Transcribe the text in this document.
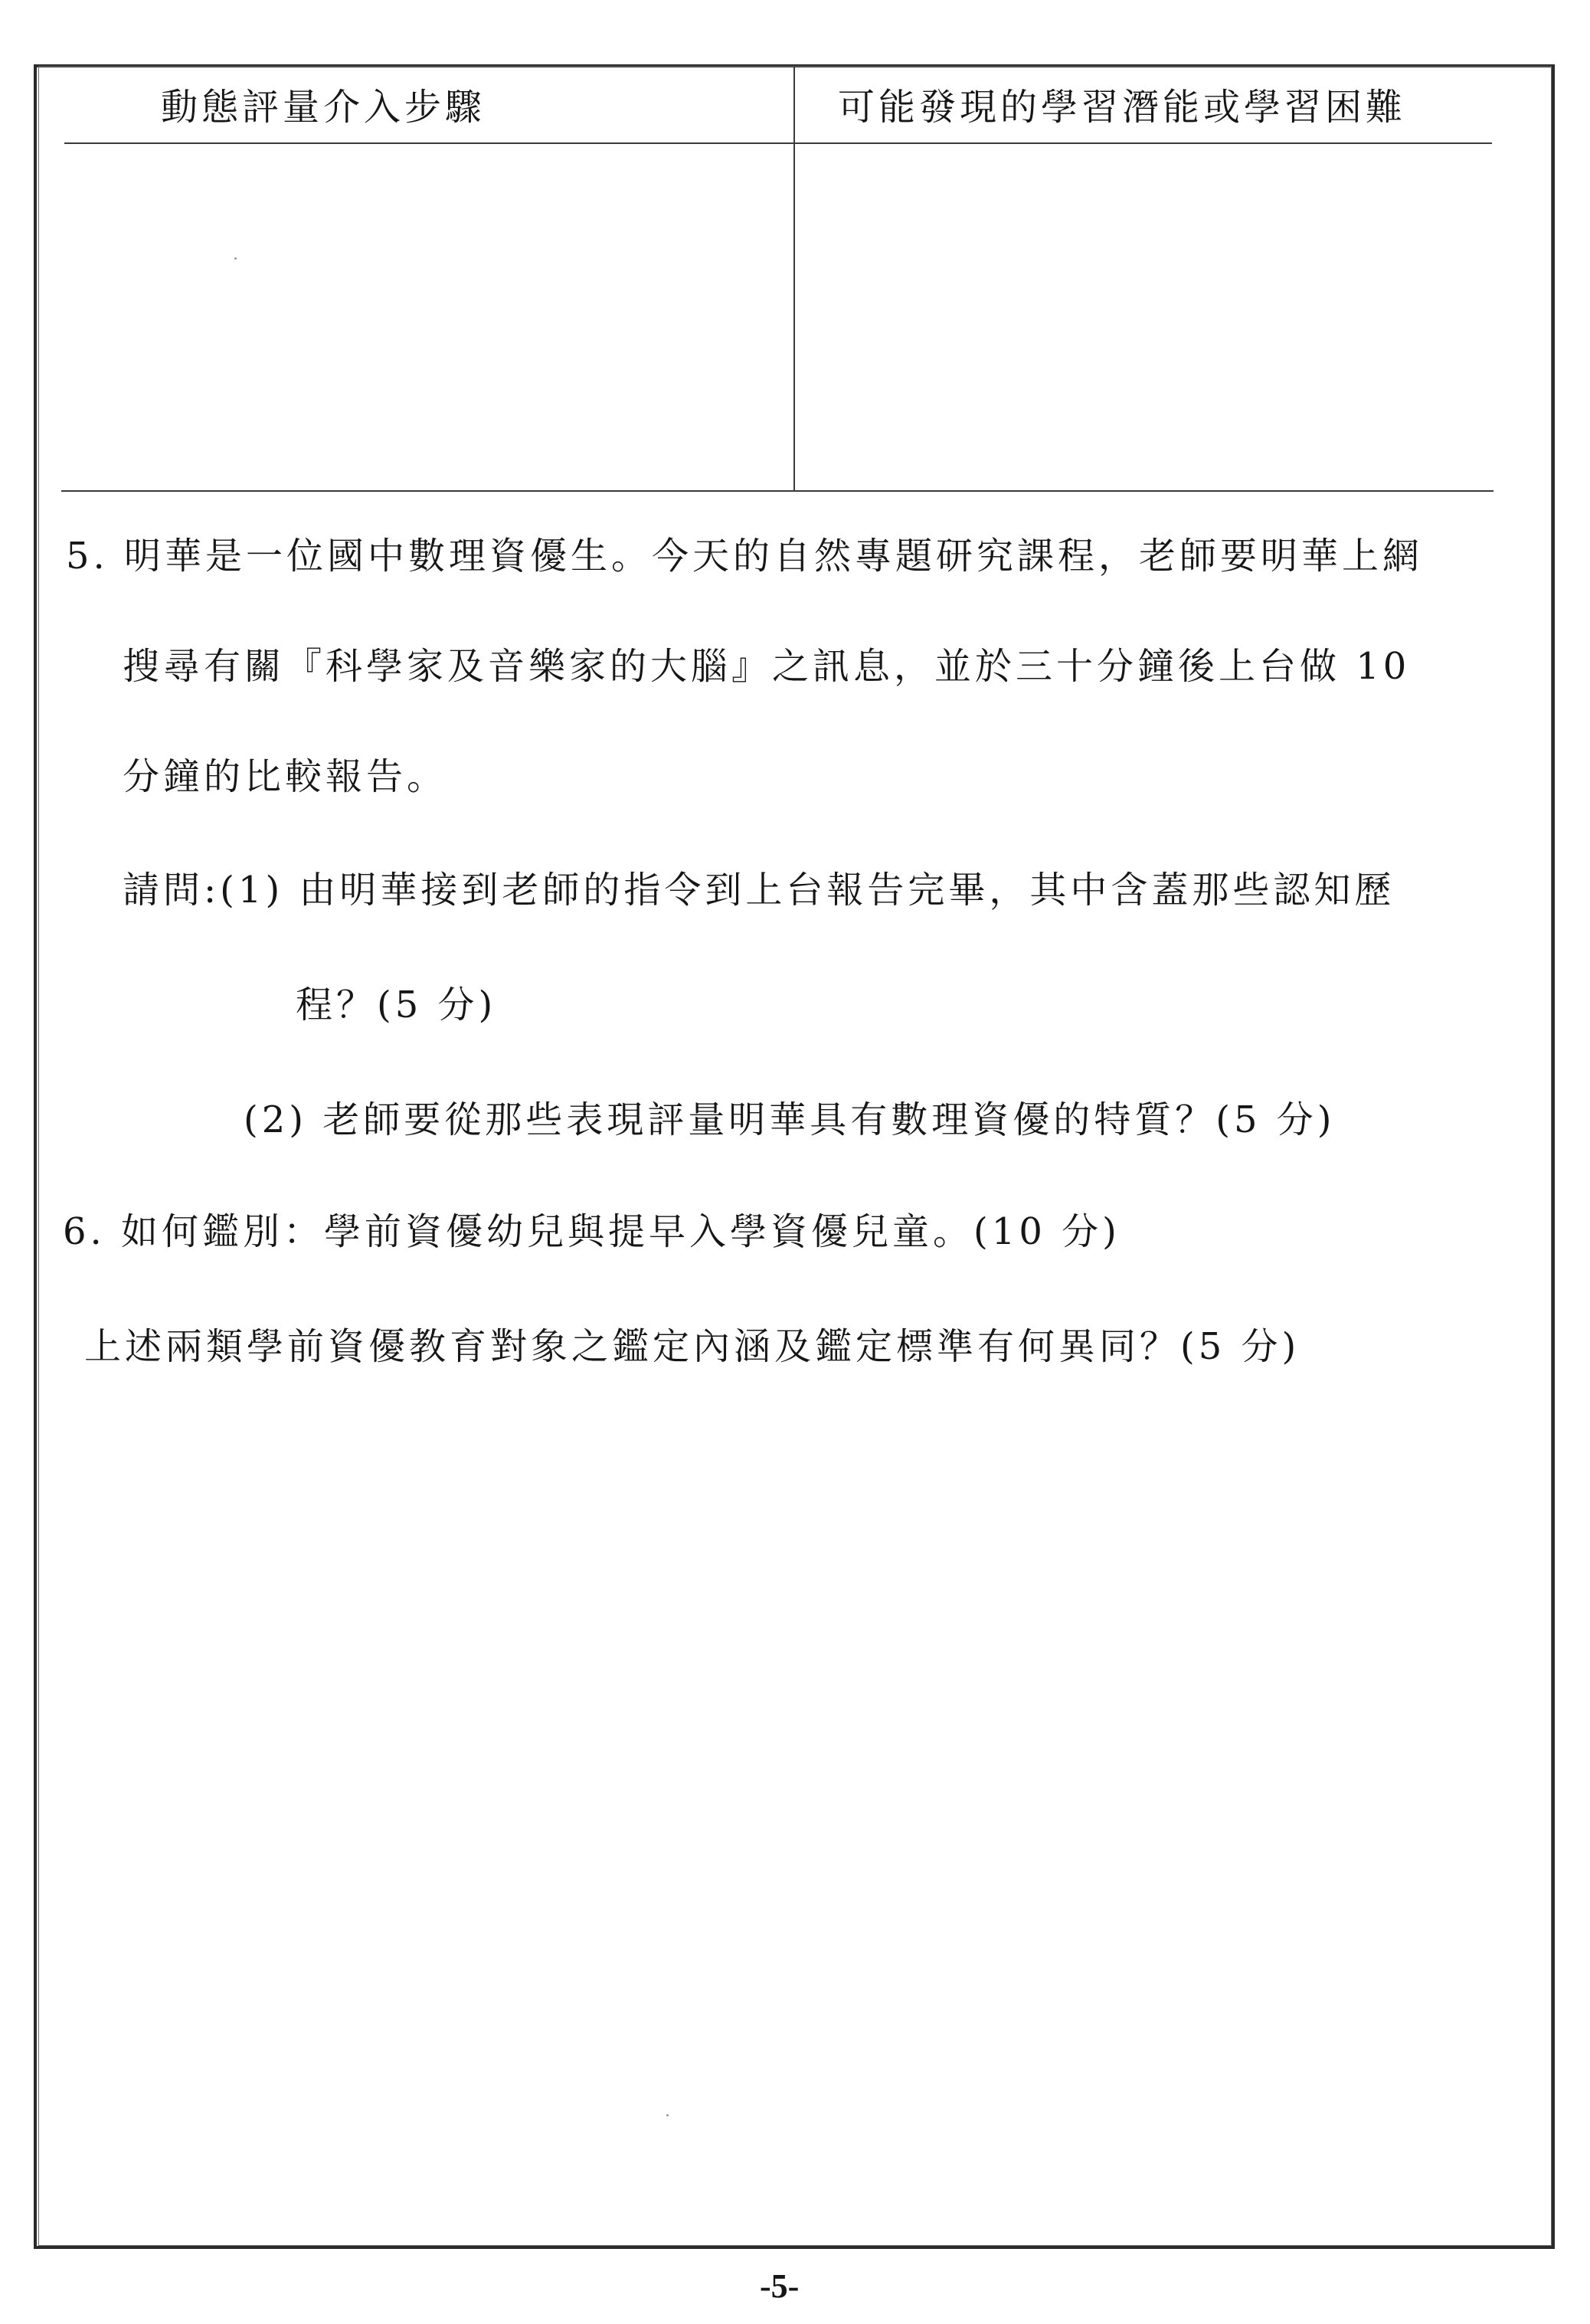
動態評量介入步驟	可能發現的學習潛能或學習困難
5. 明華是一位國中數理資優生。今天的自然專題研究課程，老師要明華上網
搜尋有關『科學家及音樂家的大腦』之訊息，並於三十分鐘後上台做 10
分鐘的比較報告。
請問:(1) 由明華接到老師的指令到上台報告完畢，其中含蓋那些認知歷
程？(5 分)
(2) 老師要從那些表現評量明華具有數理資優的特質？(5 分)
6. 如何鑑別：學前資優幼兒與提早入學資優兒童。(10 分)
上述兩類學前資優教育對象之鑑定內涵及鑑定標準有何異同？(5 分)
-5-
